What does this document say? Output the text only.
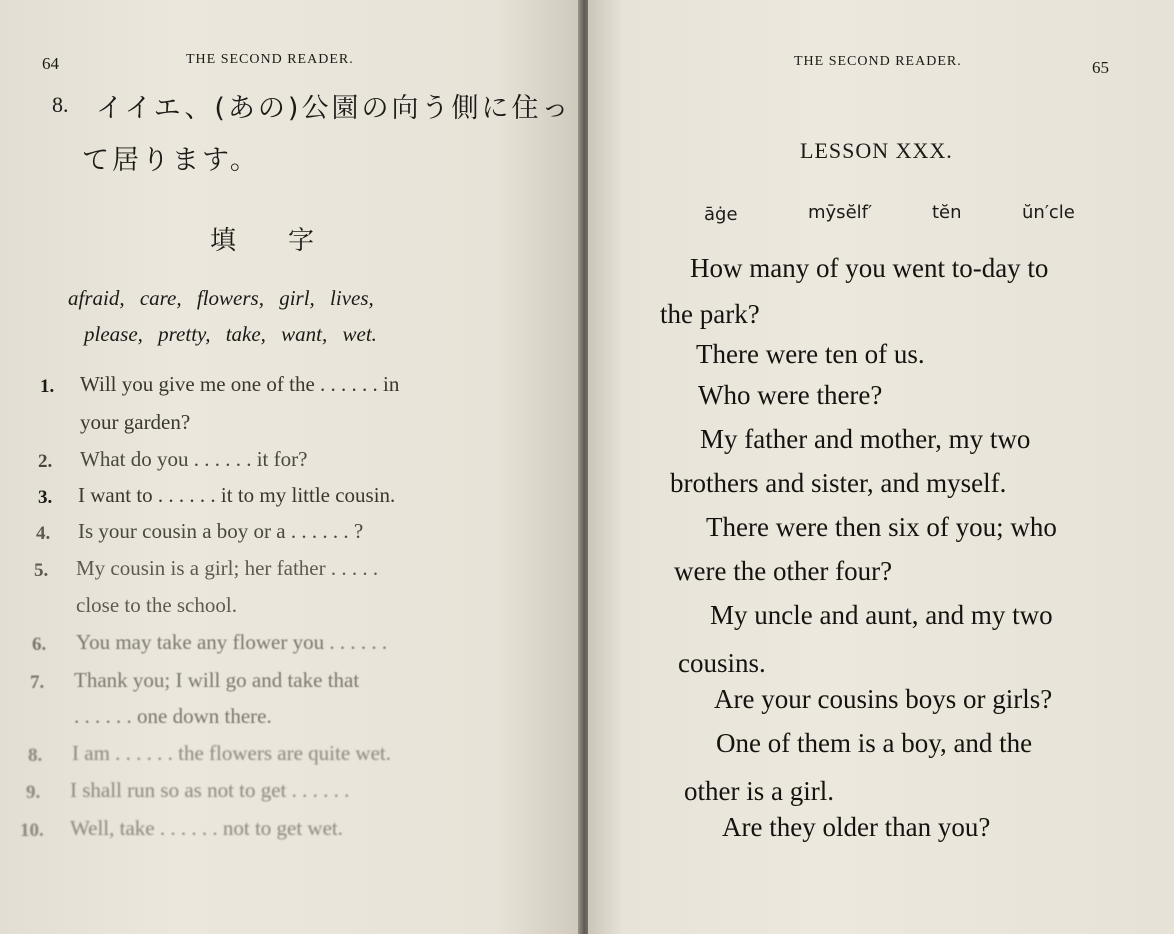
64	THE SECOND READER.
8. イイエ、(あの)公園の向う側に住っ
て居ります。
填　　字
afraid, care, flowers, girl, lives,
please, pretty, take, want, wet.
1. Will you give me one of the . . . . . . in
your garden?
2. What do you . . . . . . it for?
3. I want to . . . . . . it to my little cousin.
4. Is your cousin a boy or a . . . . . . ?
5. My cousin is a girl; her father . . . . .
close to the school.
6. You may take any flower you . . . . . .
7. Thank you; I will go and take that
. . . . . . one down there.
8. I am . . . . . . the flowers are quite wet.
9. I shall run so as not to get . . . . . .
10. Well, take . . . . . . not to get wet.
THE SECOND READER.	65
LESSON XXX.
āġe	mȳsĕlf′	tĕn	ŭn′cle
How many of you went to-day to
the park?
There were ten of us.
Who were there?
My father and mother, my two
brothers and sister, and myself.
There were then six of you; who
were the other four?
My uncle and aunt, and my two
cousins.
Are your cousins boys or girls?
One of them is a boy, and the
other is a girl.
Are they older than you?
